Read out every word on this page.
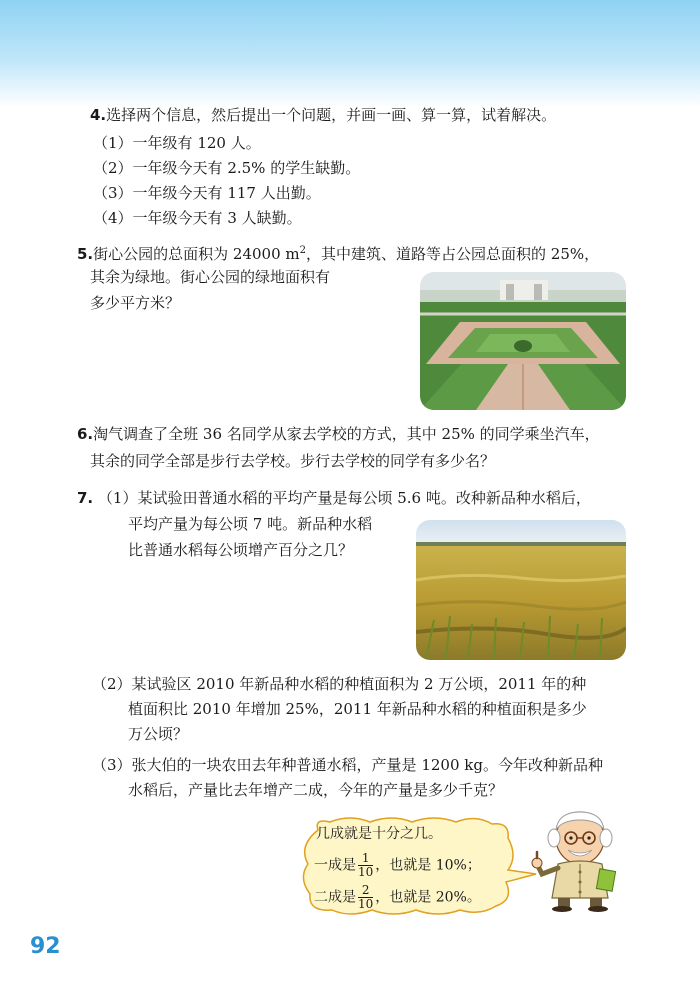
4.选择两个信息，然后提出一个问题，并画一画、算一算，试着解决。
（1）一年级有 120 人。
（2）一年级今天有 2.5% 的学生缺勤。
（3）一年级今天有 117 人出勤。
（4）一年级今天有 3 人缺勤。
5.街心公园的总面积为 24000 $m^2$，其中建筑、道路等占公园总面积的 25%，
其余为绿地。街心公园的绿地面积有
多少平方米？
6.淘气调查了全班 36 名同学从家去学校的方式，其中 25% 的同学乘坐汽车，
其余的同学全部是步行去学校。步行去学校的同学有多少名？
7. （1）某试验田普通水稻的平均产量是每公顷 5.6 吨。改种新品种水稻后，
平均产量为每公顷 7 吨。新品种水稻
比普通水稻每公顷增产百分之几？
（2）某试验区 2010 年新品种水稻的种植面积为 2 万公顷，2011 年的种
植面积比 2010 年增加 25%，2011 年新品种水稻的种植面积是多少
万公顷？
（3）张大伯的一块农田去年种普通水稻，产量是 1200 kg。今年改种新品种
水稻后，产量比去年增产二成，今年的产量是多少千克？
几成就是十分之几。
一成是 $\frac{1}{10}$ ，也就是 10%；
二成是 $\frac{2}{10}$ ，也就是 20%。
92
